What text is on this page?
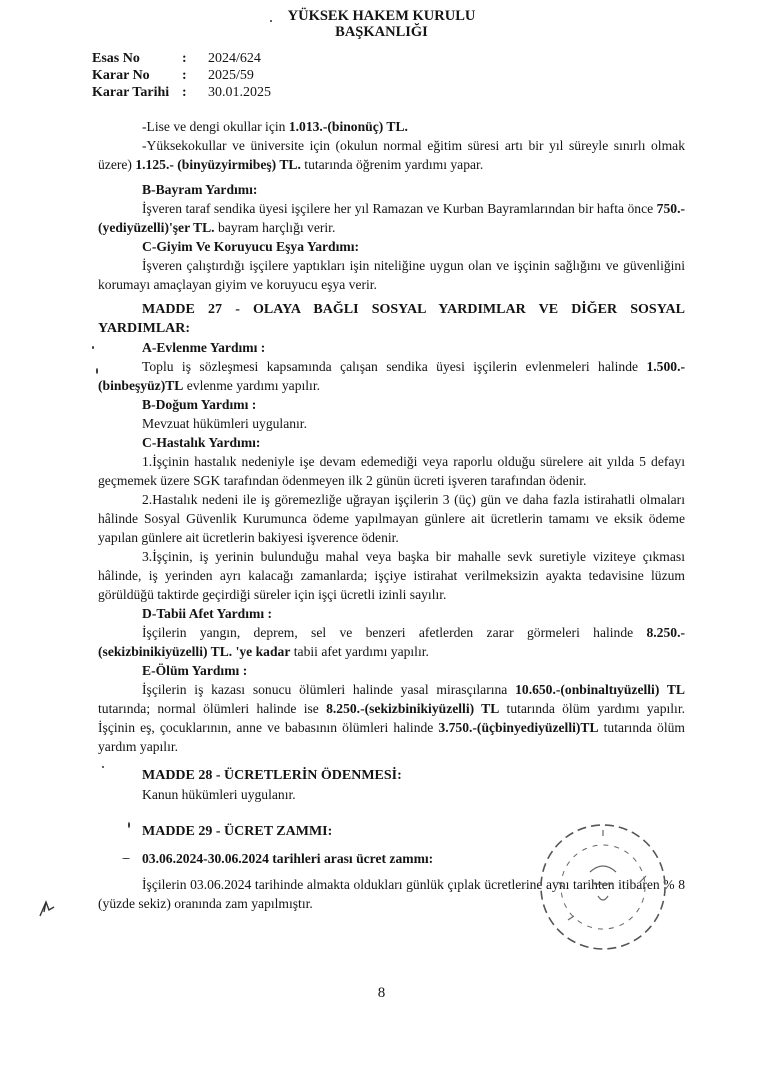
YÜKSEK HAKEM KURULU
BAŞKANLIĞI
Esas No	:	2024/624
Karar No	:	2025/59
Karar Tarihi :	30.01.2025

-Lise ve dengi okullar için 1.013.-(binonüç) TL.

-Yüksekokullar ve üniversite için (okulun normal eğitim süresi artı bir yıl süreyle sınırlı olmak üzere) 1.125.- (binyüzyirmibeş) TL. tutarında öğrenim yardımı yapar.

B-Bayram Yardımı:

İşveren taraf sendika üyesi işçilere her yıl Ramazan ve Kurban Bayramlarından bir hafta önce 750.-(yediyüzelli)'şer TL. bayram harçlığı verir.

C-Giyim Ve Koruyucu Eşya Yardımı:

İşveren çalıştırdığı işçilere yaptıkları işin niteliğine uygun olan ve işçinin sağlığını ve güvenliğini korumayı amaçlayan giyim ve koruyucu eşya verir.

MADDE 27 - OLAYA BAĞLI SOSYAL YARDIMLAR VE DİĞER SOSYAL YARDIMLAR:

A-Evlenme Yardımı :

Toplu iş sözleşmesi kapsamında çalışan sendika üyesi işçilerin evlenmeleri halinde 1.500.-(binbeşyüz)TL evlenme yardımı yapılır.

B-Doğum Yardımı :

Mevzuat hükümleri uygulanır.

C-Hastalık Yardımı:

1.İşçinin hastalık nedeniyle işe devam edemediği veya raporlu olduğu sürelere ait yılda 5 defayı geçmemek üzere SGK tarafından ödenmeyen ilk 2 günün ücreti işveren tarafından ödenir.

2.Hastalık nedeni ile iş göremezliğe uğrayan işçilerin 3 (üç) gün ve daha fazla istirahatli olmaları hâlinde Sosyal Güvenlik Kurumunca ödeme yapılmayan günlere ait ücretlerin tamamı ve eksik ödeme yapılan günlere ait ücretlerin bakiyesi işverence ödenir.

3.İşçinin, iş yerinin bulunduğu mahal veya başka bir mahalle sevk suretiyle viziteye çıkması hâlinde, iş yerinden ayrı kalacağı zamanlarda; işçiye istirahat verilmeksizin ayakta tedavisine lüzum görüldüğü taktirde geçirdiği süreler için işçi ücretli izinli sayılır.

D-Tabii Afet Yardımı :

İşçilerin yangın, deprem, sel ve benzeri afetlerden zarar görmeleri halinde 8.250.-(sekizbinikiyüzelli) TL. 'ye kadar tabii afet yardımı yapılır.

E-Ölüm Yardımı :

İşçilerin iş kazası sonucu ölümleri halinde yasal mirasçılarına 10.650.-(onbinaltıyüzelli) TL tutarında; normal ölümleri halinde ise 8.250.-(sekizbinikiyüzelli) TL tutarında ölüm yardımı yapılır. İşçinin eş, çocuklarının, anne ve babasının ölümleri halinde 3.750.-(üçbinyediyüzelli)TL tutarında ölüm yardım yapılır.

MADDE 28 - ÜCRETLERİN ÖDENMESİ:

Kanun hükümleri uygulanır.

MADDE 29 - ÜCRET ZAMMI:

03.06.2024-30.06.2024 tarihleri arası ücret zammı:

İşçilerin 03.06.2024 tarihinde almakta oldukları günlük çıplak ücretlerine aynı tarihten itibaren % 8 (yüzde sekiz) oranında zam yapılmıştır.

8
